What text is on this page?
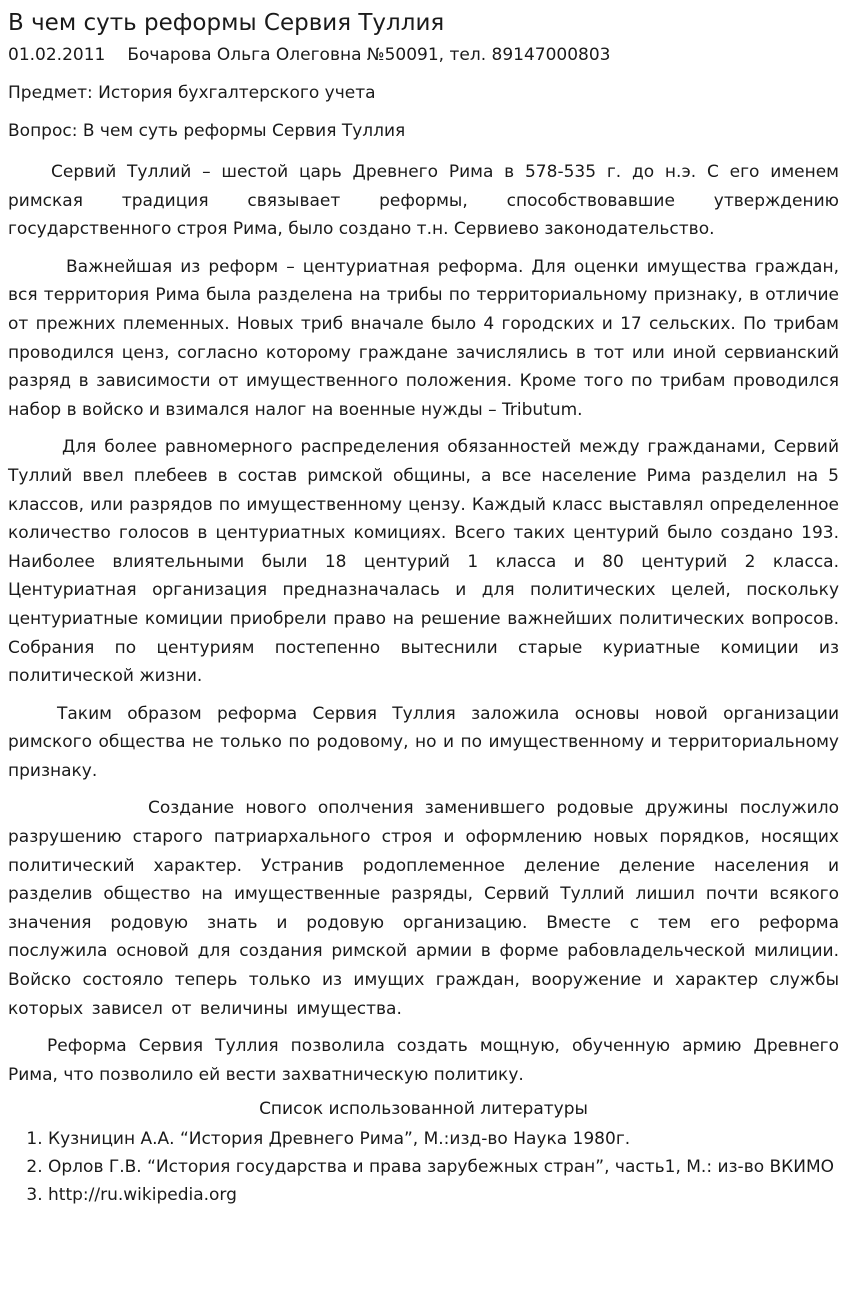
В чем суть реформы Сервия Туллия
01.02.2011 Бочарова Ольга Олеговна №50091, тел. 89147000803
Предмет: История бухгалтерского учета
Вопрос: В чем суть реформы Сервия Туллия

Сервий Туллий – шестой царь Древнего Рима в 578-535 г. до н.э. С его именем римская традиция связывает реформы, способствовавшие утверждению государственного строя Рима, было создано т.н. Сервиево законодательство.

Важнейшая из реформ – центуриатная реформа. Для оценки имущества граждан, вся территория Рима была разделена на трибы по территориальному признаку, в отличие от прежних племенных. Новых триб вначале было 4 городских и 17 сельских. По трибам проводился ценз, согласно которому граждане зачислялись в тот или иной сервианский разряд в зависимости от имущественного положения. Кроме того по трибам проводился набор в войско и взимался налог на военные нужды – Tributum.

Для более равномерного распределения обязанностей между гражданами, Сервий Туллий ввел плебеев в состав римской общины, а все население Рима разделил на 5 классов, или разрядов по имущественному цензу. Каждый класс выставлял определенное количество голосов в центуриатных комициях. Всего таких центурий было создано 193. Наиболее влиятельными были 18 центурий 1 класса и 80 центурий 2 класса. Центуриатная организация предназначалась и для политических целей, поскольку центуриатные комиции приобрели право на решение важнейших политических вопросов. Собрания по центуриям постепенно вытеснили старые куриатные комиции из политической жизни.

Таким образом реформа Сервия Туллия заложила основы новой организации римского общества не только по родовому, но и по имущественному и территориальному признаку.

Создание нового ополчения заменившего родовые дружины послужило разрушению старого патриархального строя и оформлению новых порядков, носящих политический характер. Устранив родоплеменное деление деление населения и разделив общество на имущественные разряды, Сервий Туллий лишил почти всякого значения родовую знать и родовую организацию. Вместе с тем его реформа послужила основой для создания римской армии в форме рабовладельческой милиции. Войско состояло теперь только из имущих граждан, вооружение и характер службы которых зависел от величины имущества.

Реформа Сервия Туллия позволила создать мощную, обученную армию Древнего Рима, что позволило ей вести захватническую политику.

Список использованной литературы
1. Кузницин А.А. “История Древнего Рима”, М.:изд-во Наука 1980г.
2. Орлов Г.В. “История государства и права зарубежных стран”, часть1, М.: из-во ВКИМО
3. http://ru.wikipedia.org
